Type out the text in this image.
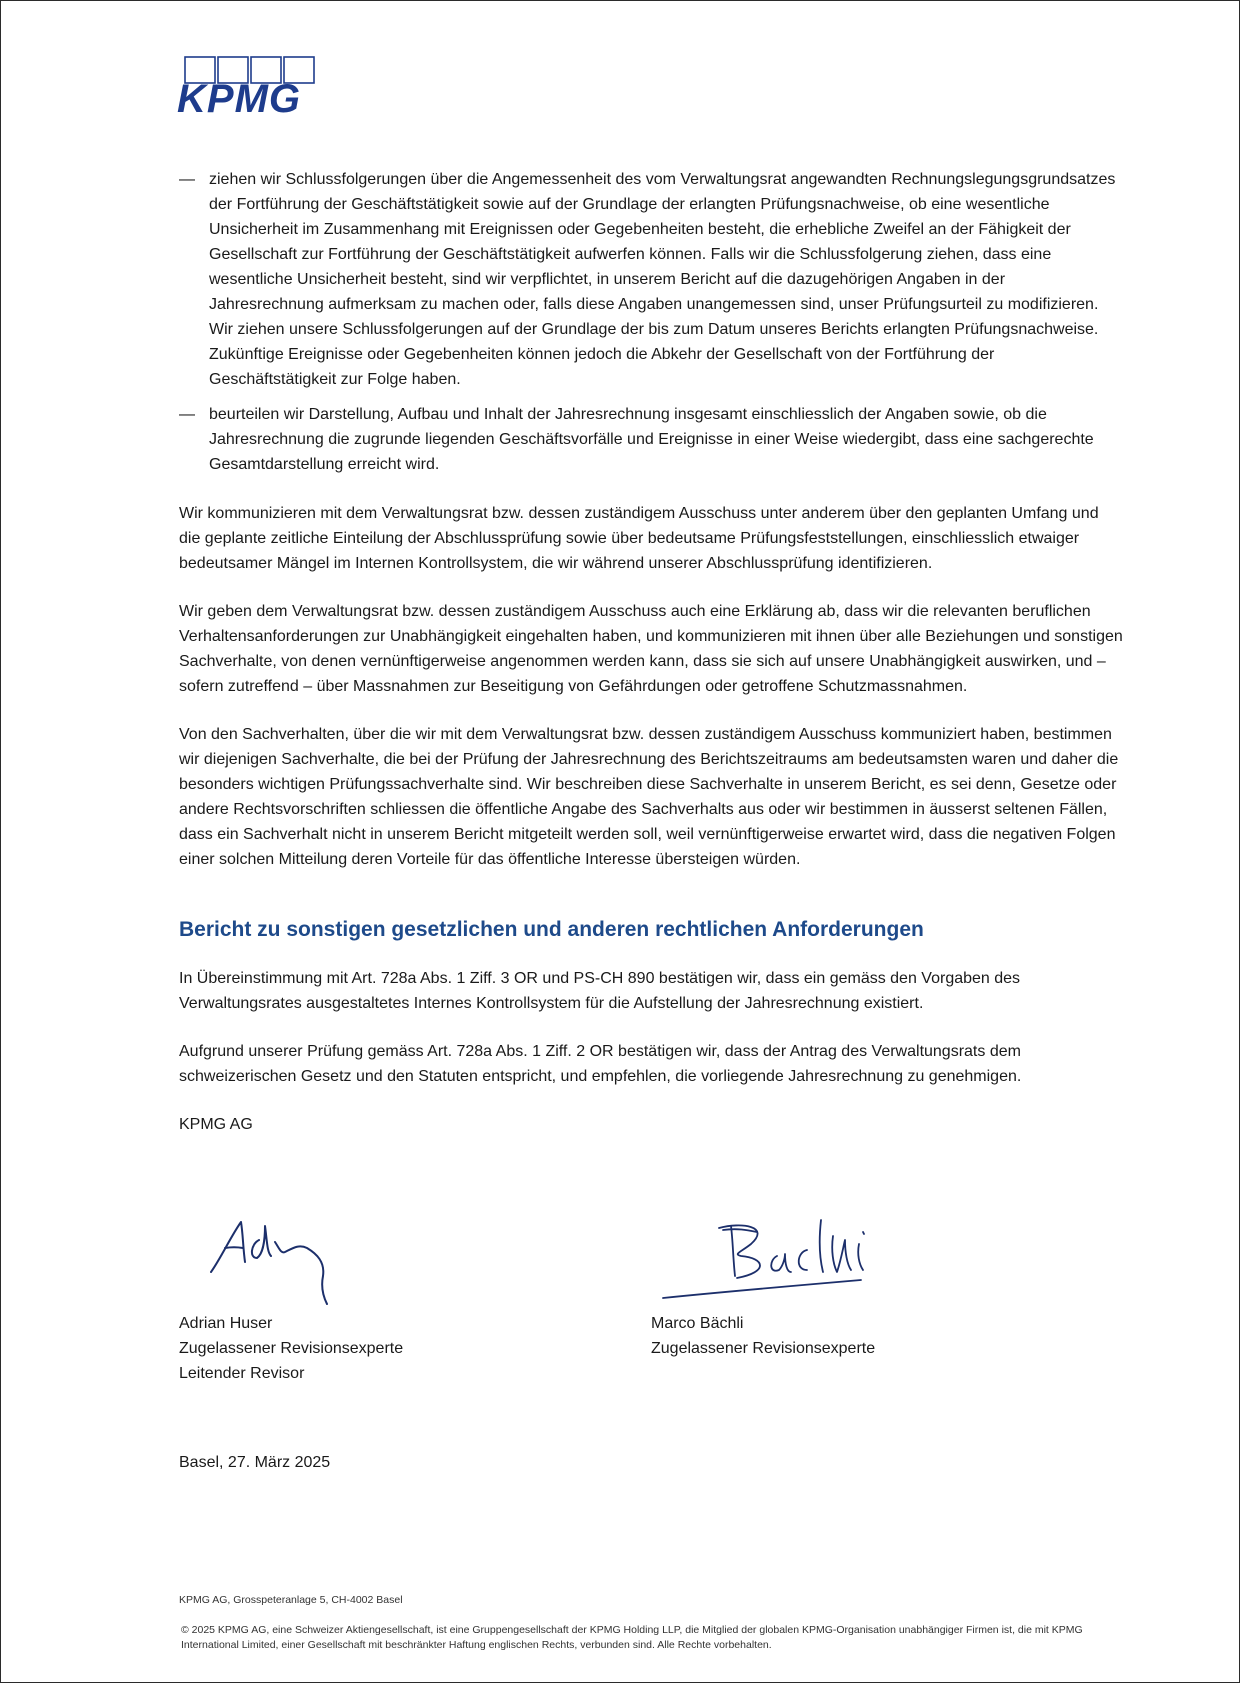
KPMG
— ziehen wir Schlussfolgerungen über die Angemessenheit des vom Verwaltungsrat angewandten Rechnungslegungsgrundsatzes der Fortführung der Geschäftstätigkeit sowie auf der Grundlage der erlangten Prüfungsnachweise, ob eine wesentliche Unsicherheit im Zusammenhang mit Ereignissen oder Gegebenheiten besteht, die erhebliche Zweifel an der Fähigkeit der Gesellschaft zur Fortführung der Geschäftstätigkeit aufwerfen können. Falls wir die Schlussfolgerung ziehen, dass eine wesentliche Unsicherheit besteht, sind wir verpflichtet, in unserem Bericht auf die dazugehörigen Angaben in der Jahresrechnung aufmerksam zu machen oder, falls diese Angaben unangemessen sind, unser Prüfungsurteil zu modifizieren. Wir ziehen unsere Schlussfolgerungen auf der Grundlage der bis zum Datum unseres Berichts erlangten Prüfungsnachweise. Zukünftige Ereignisse oder Gegebenheiten können jedoch die Abkehr der Gesellschaft von der Fortführung der Geschäftstätigkeit zur Folge haben.
— beurteilen wir Darstellung, Aufbau und Inhalt der Jahresrechnung insgesamt einschliesslich der Angaben sowie, ob die Jahresrechnung die zugrunde liegenden Geschäftsvorfälle und Ereignisse in einer Weise wiedergibt, dass eine sachgerechte Gesamtdarstellung erreicht wird.

Wir kommunizieren mit dem Verwaltungsrat bzw. dessen zuständigem Ausschuss unter anderem über den geplanten Umfang und die geplante zeitliche Einteilung der Abschlussprüfung sowie über bedeutsame Prüfungsfeststellungen, einschliesslich etwaiger bedeutsamer Mängel im Internen Kontrollsystem, die wir während unserer Abschlussprüfung identifizieren.

Wir geben dem Verwaltungsrat bzw. dessen zuständigem Ausschuss auch eine Erklärung ab, dass wir die relevanten beruflichen Verhaltensanforderungen zur Unabhängigkeit eingehalten haben, und kommunizieren mit ihnen über alle Beziehungen und sonstigen Sachverhalte, von denen vernünftigerweise angenommen werden kann, dass sie sich auf unsere Unabhängigkeit auswirken, und – sofern zutreffend – über Massnahmen zur Beseitigung von Gefährdungen oder getroffene Schutzmassnahmen.

Von den Sachverhalten, über die wir mit dem Verwaltungsrat bzw. dessen zuständigem Ausschuss kommuniziert haben, bestimmen wir diejenigen Sachverhalte, die bei der Prüfung der Jahresrechnung des Berichtszeitraums am bedeutsamsten waren und daher die besonders wichtigen Prüfungssachverhalte sind. Wir beschreiben diese Sachverhalte in unserem Bericht, es sei denn, Gesetze oder andere Rechtsvorschriften schliessen die öffentliche Angabe des Sachverhalts aus oder wir bestimmen in äusserst seltenen Fällen, dass ein Sachverhalt nicht in unserem Bericht mitgeteilt werden soll, weil vernünftigerweise erwartet wird, dass die negativen Folgen einer solchen Mitteilung deren Vorteile für das öffentliche Interesse übersteigen würden.

Bericht zu sonstigen gesetzlichen und anderen rechtlichen Anforderungen

In Übereinstimmung mit Art. 728a Abs. 1 Ziff. 3 OR und PS-CH 890 bestätigen wir, dass ein gemäss den Vorgaben des Verwaltungsrates ausgestaltetes Internes Kontrollsystem für die Aufstellung der Jahresrechnung existiert.

Aufgrund unserer Prüfung gemäss Art. 728a Abs. 1 Ziff. 2 OR bestätigen wir, dass der Antrag des Verwaltungsrats dem schweizerischen Gesetz und den Statuten entspricht, und empfehlen, die vorliegende Jahresrechnung zu genehmigen.

KPMG AG

Adrian Huser
Zugelassener Revisionsexperte
Leitender Revisor
Marco Bächli
Zugelassener Revisionsexperte
Basel, 27. März 2025
KPMG AG, Grosspeteranlage 5, CH-4002 Basel
© 2025 KPMG AG, eine Schweizer Aktiengesellschaft, ist eine Gruppengesellschaft der KPMG Holding LLP, die Mitglied der globalen KPMG-Organisation unabhängiger Firmen ist, die mit KPMG International Limited, einer Gesellschaft mit beschränkter Haftung englischen Rechts, verbunden sind. Alle Rechte vorbehalten.
